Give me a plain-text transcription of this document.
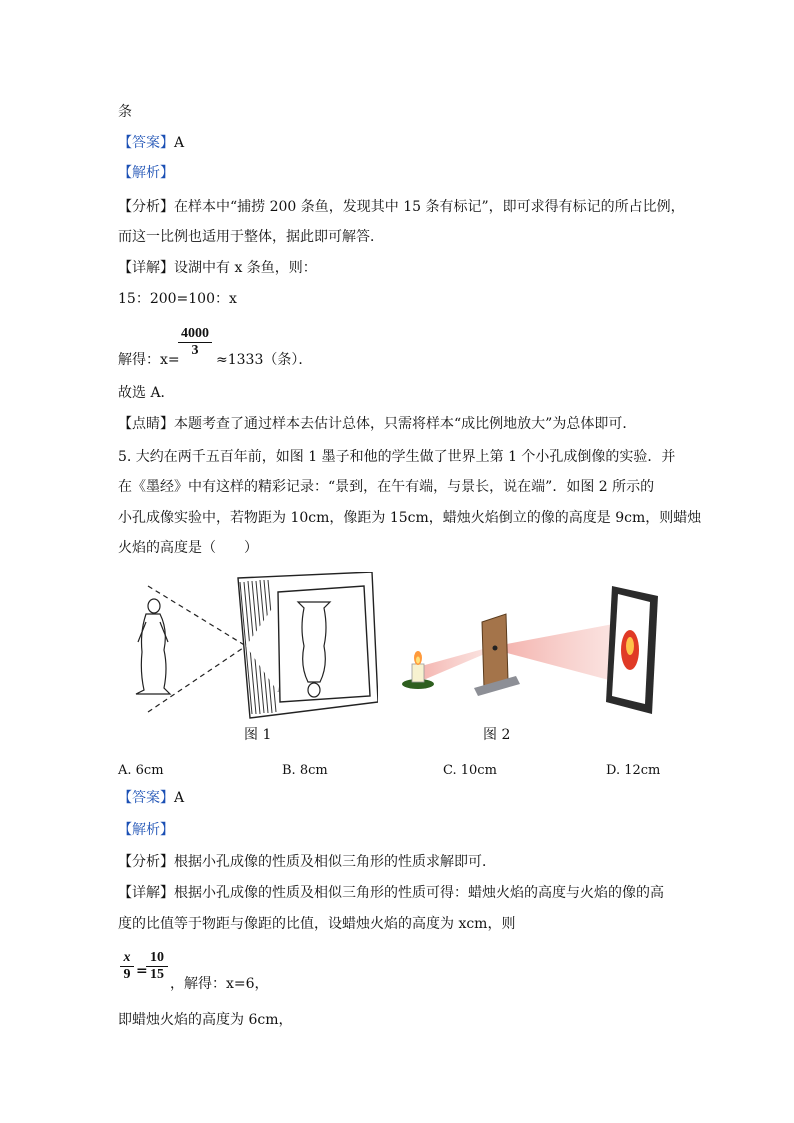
条
【答案】A
【解析】
【分析】在样本中“捕捞 200 条鱼，发现其中 15 条有标记”，即可求得有标记的所占比例，
而这一比例也适用于整体，据此即可解答．
【详解】设湖中有 x 条鱼，则：
15：200=100：x
解得：x=
4000
3
≈1333（条）．
故选 A．
【点睛】本题考查了通过样本去估计总体，只需将样本“成比例地放大”为总体即可．
5. 大约在两千五百年前，如图 1 墨子和他的学生做了世界上第 1 个小孔成倒像的实验．并
在《墨经》中有这样的精彩记录：“景到，在午有端，与景长，说在端”．如图 2 所示的
小孔成像实验中，若物距为 10cm，像距为 15cm，蜡烛火焰倒立的像的高度是 9cm，则蜡烛
火焰的高度是（　　）
图 1	图 2
A. 6cm	B. 8cm	C. 10cm	D. 12cm
【答案】A
【解析】
【分析】根据小孔成像的性质及相似三角形的性质求解即可．
【详解】根据小孔成像的性质及相似三角形的性质可得：蜡烛火焰的高度与火焰的像的高
度的比值等于物距与像距的比值，设蜡烛火焰的高度为 xcm，则
x
9 =
10
15
，解得：x=6，
即蜡烛火焰的高度为 6cm，
